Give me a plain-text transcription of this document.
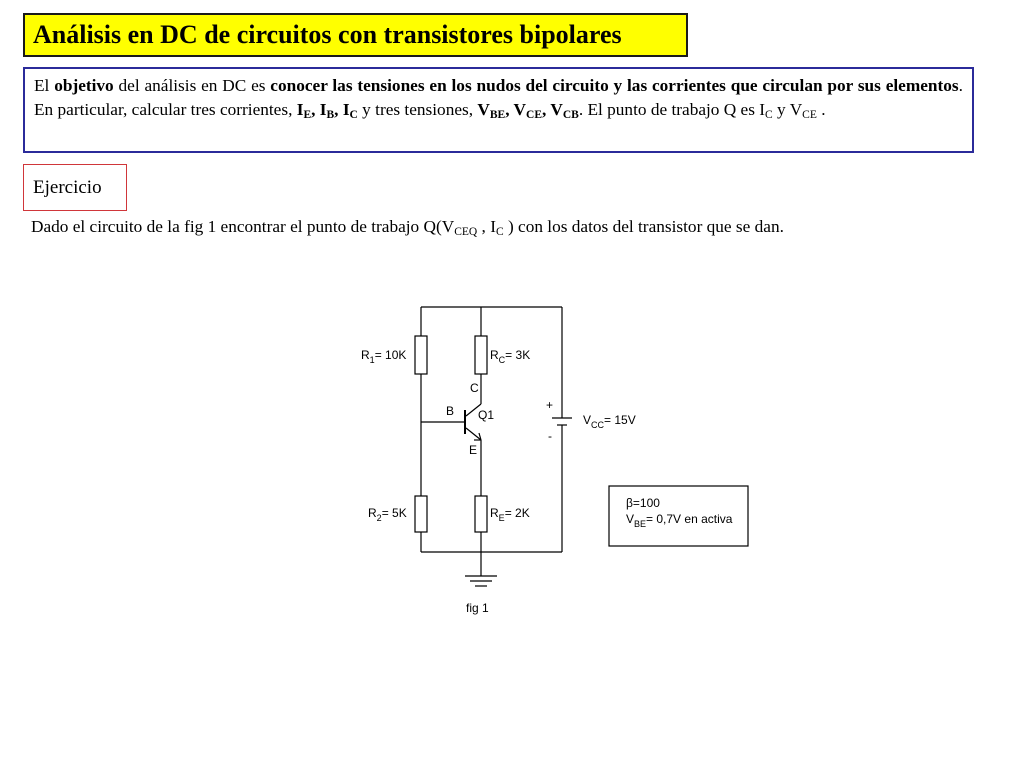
Análisis en DC de circuitos con transistores bipolares
El objetivo del análisis en DC es conocer las tensiones en los nudos del circuito y las corrientes que circulan por sus elementos. En particular, calcular tres corrientes, $I_E$, $I_B$, $I_C$ y tres tensiones, $V_{BE}$, $V_{CE}$, $V_{CB}$. El punto de trabajo Q es $I_C$ y $V_{CE}$ .
Ejercicio
Dado el circuito de la fig 1 encontrar el punto de trabajo $Q(V_{CEQ}$ , $I_C$ ) con los datos del transistor que se dan.
$R_1= 10K$	$R_C= 3K$
$R_2= 5K$	$R_E= 2K$
C
B Q1
E
+
-
$V_{CC}= 15V$
fig 1
β=100
$V_{BE}= 0,7V$ en activa
